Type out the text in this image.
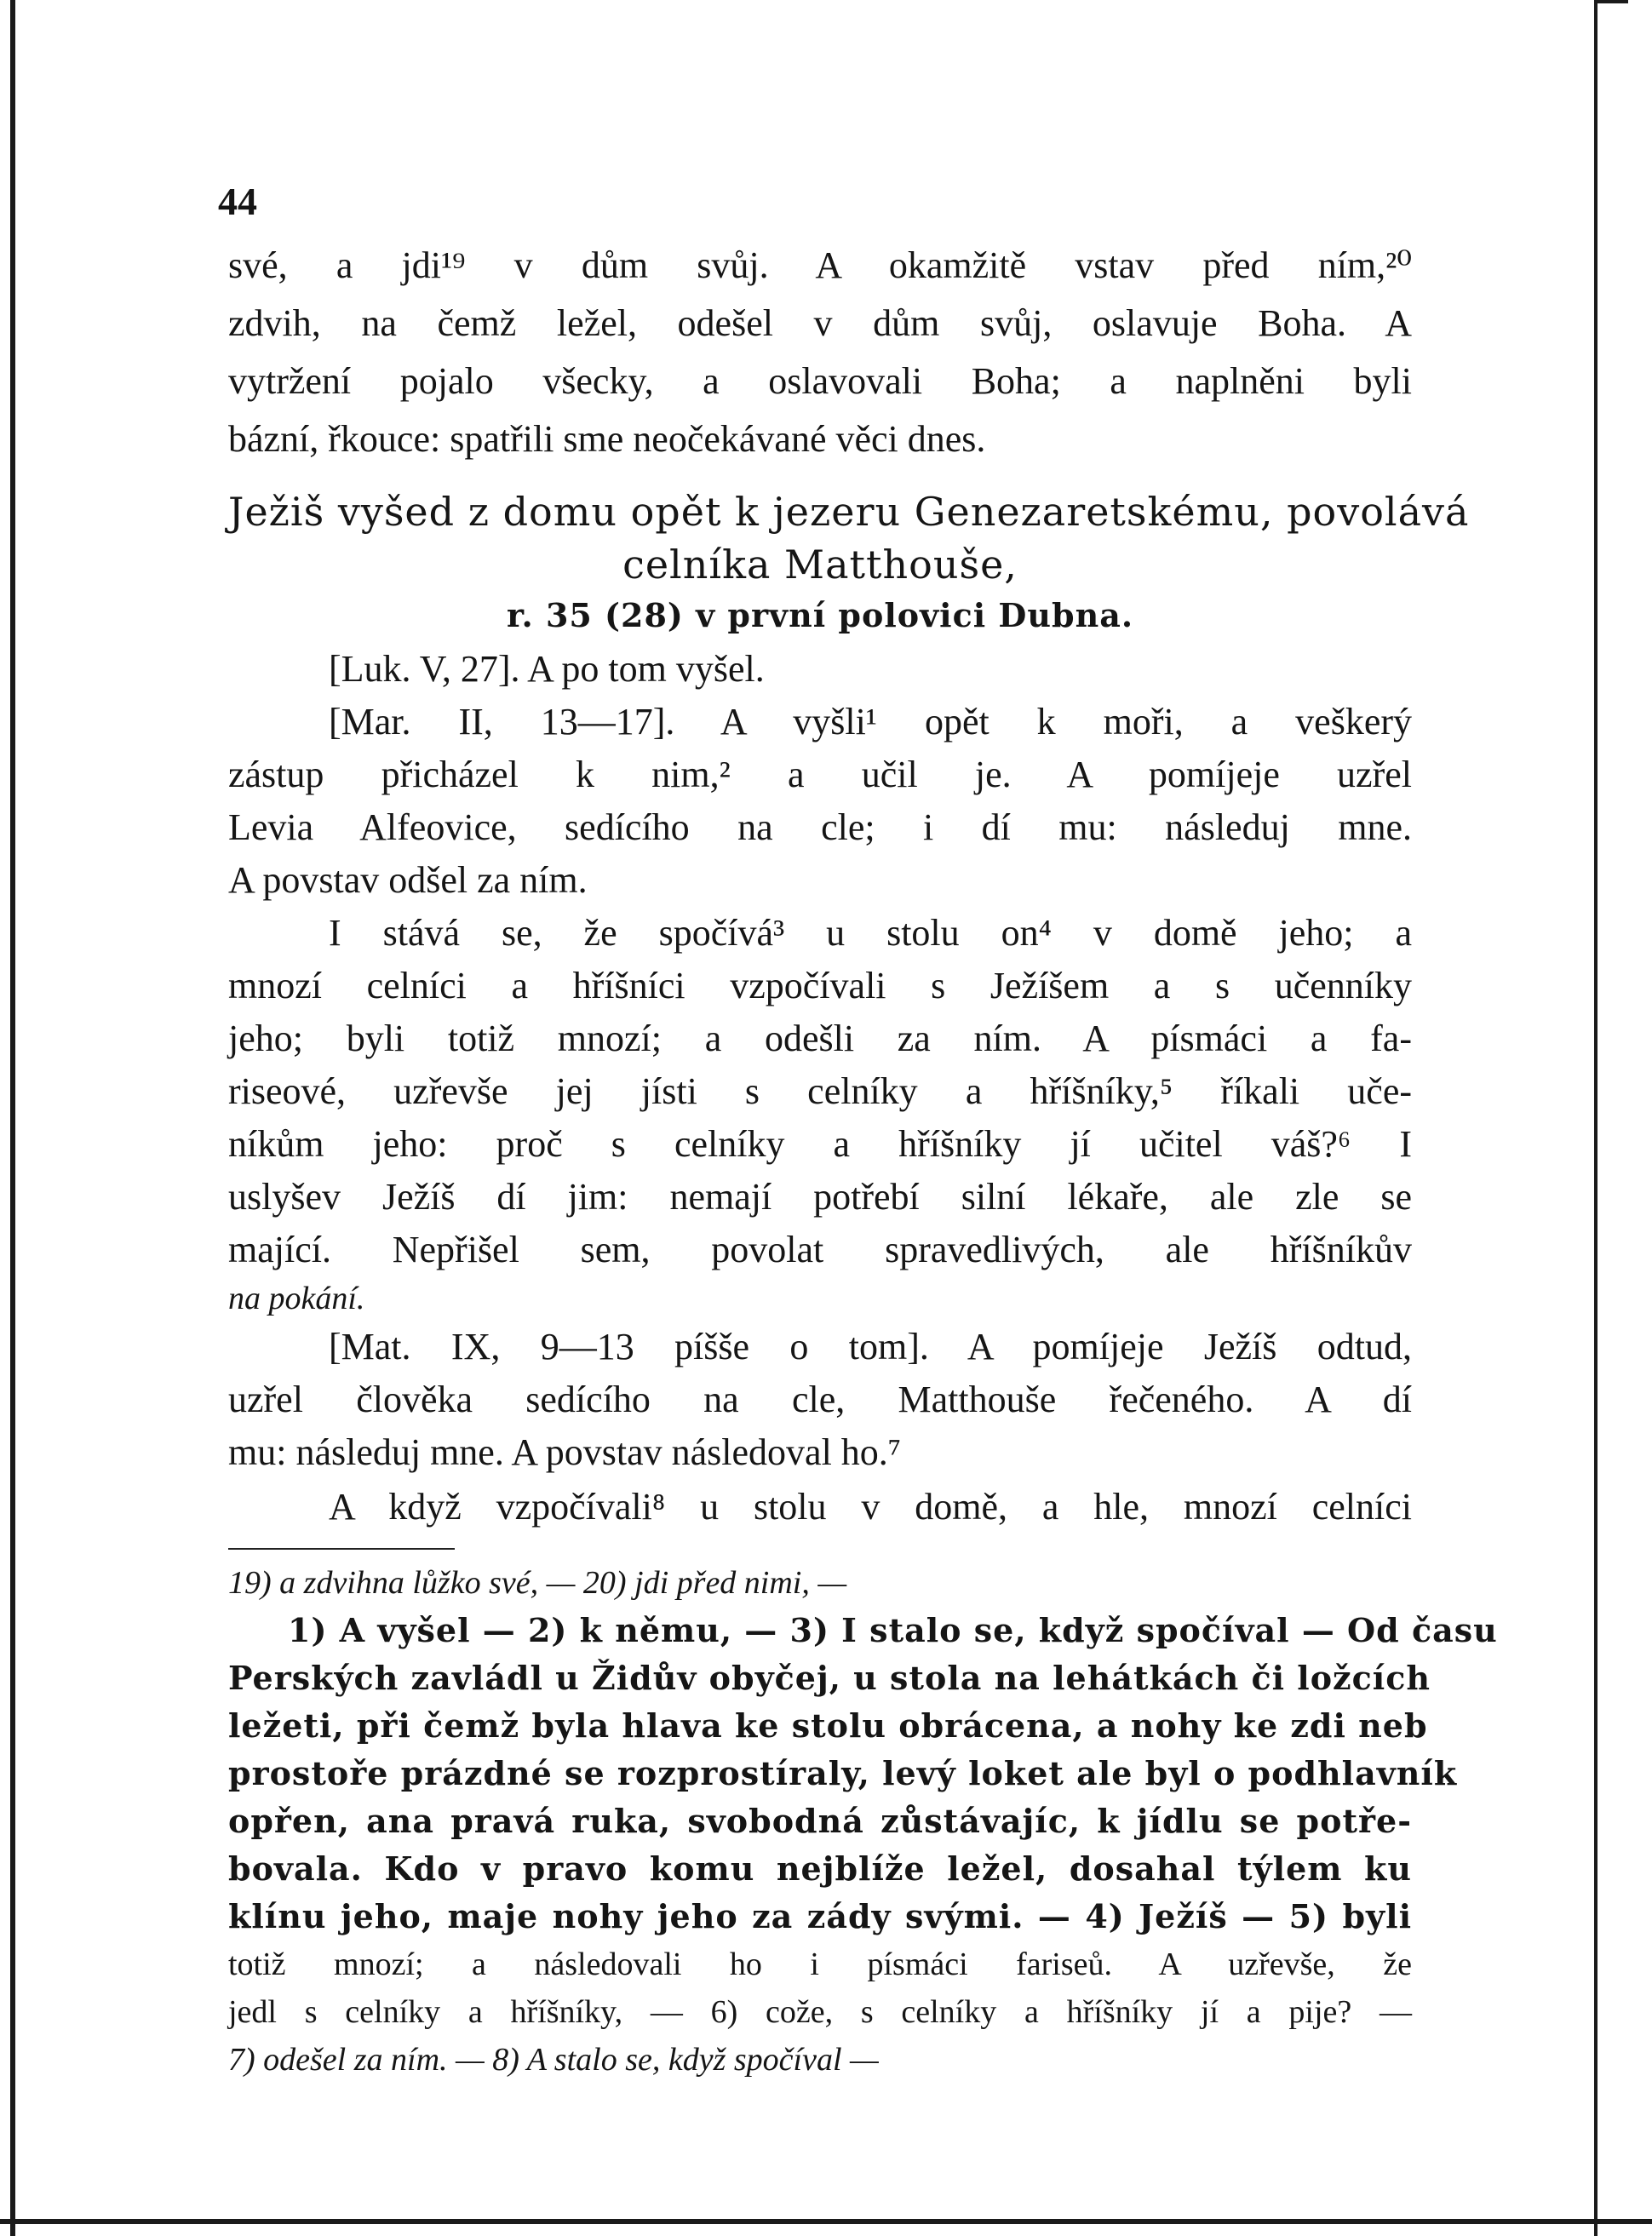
44
své, a jdi¹⁹ v dům svůj. A okamžitě vstav před ním,²⁰
zdvih, na čemž ležel, odešel v dům svůj, oslavuje Boha. A
vytržení pojalo všecky, a oslavovali Boha; a naplněni byli
bázní, řkouce: spatřili sme neočekávané věci dnes.
Ježiš vyšed z domu opět k jezeru Genezaretskému, povolává
celníka Matthouše,
r. 35 (28) v první polovici Dubna.
[Luk. V, 27]. A po tom vyšel.
[Mar. II, 13—17]. A vyšli¹ opět k moři, a veškerý
zástup přicházel k nim,² a učil je. A pomíjeje uzřel
Levia Alfeovice, sedícího na cle; i dí mu: následuj mne.
A povstav odšel za ním.
I stává se, že spočívá³ u stolu on⁴ v domě jeho; a
mnozí celníci a hříšníci vzpočívali s Ježíšem a s učenníky
jeho; byli totiž mnozí; a odešli za ním. A písmáci a fa-
riseové, uzřevše jej jísti s celníky a hříšníky,⁵ říkali uče-
níkům jeho: proč s celníky a hříšníky jí učitel váš?⁶ I
uslyšev Ježíš dí jim: nemají potřebí silní lékaře, ale zle se
mající. Nepřišel sem, povolat spravedlivých, ale hříšníkův
na pokání.
[Mat. IX, 9—13 píšše o tom]. A pomíjeje Ježíš odtud,
uzřel člověka sedícího na cle, Matthouše řečeného. A dí
mu: následuj mne. A povstav následoval ho.⁷
19) a zdvihna lůžko své, — 20) jdi před nimi, —
1) A vyšel — 2) k němu, — 3) I stalo se, když spočíval — Od času
Perských zavládl u Židův obyčej, u stola na lehátkách či ložcích
ležeti, při čemž byla hlava ke stolu obrácena, a nohy ke zdi neb
prostoře prázdné se rozprostíraly, levý loket ale byl o podhlavník
opřen, ana pravá ruka, svobodná zůstávajíc, k jídlu se potře-
bovala. Kdo v pravo komu nejblíže ležel, dosahal týlem ku
klínu jeho, maje nohy jeho za zády svými. — 4) Ježíš — 5) byli
totiž mnozí; a následovali ho i písmáci fariseů. A uzřevše, že
jedl s celníky a hříšníky, — 6) cože, s celníky a hříšníky jí a pije? —
7) odešel za ním. — 8) A stalo se, když spočíval —
A když vzpočívali⁸ u stolu v domě, a hle, mnozí celníci
